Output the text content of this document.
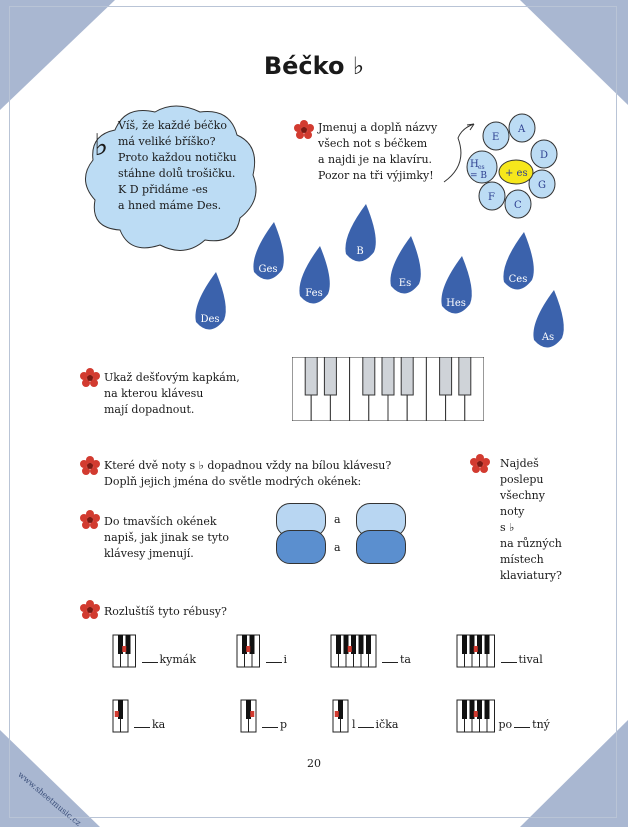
Béčko ♭
♭
Víš, že každé béčko
má veliké bříško?
Proto každou notičku
stáhne dolů trošičku.
K D přidáme -es
a hned máme Des.
Jmenuj a doplň názvy
všech not s béčkem
a najdi je na klavíru.
Pozor na tři výjimky!
E
A
D
G
C
F
H es
= B + es
Des
Ges
Fes
B
Es
Hes
Ces
As
Ukaž dešťovým kapkám,
na kterou klávesu
mají dopadnout.
Které dvě noty s ♭ dopadnou vždy na bílou klávesu?
Doplň jejich jména do světle modrých okének:
Do tmavších okének
napiš, jak jinak se tyto
klávesy jmenují.
a
a
Najdeš
poslepu
všechny
noty
s ♭
na různých
místech
klaviatury?
Rozluštíš tyto rébusy?
kymák	i	ta	tival
ka	p	l ička	po tný
20
www.sheetmusic.cz
